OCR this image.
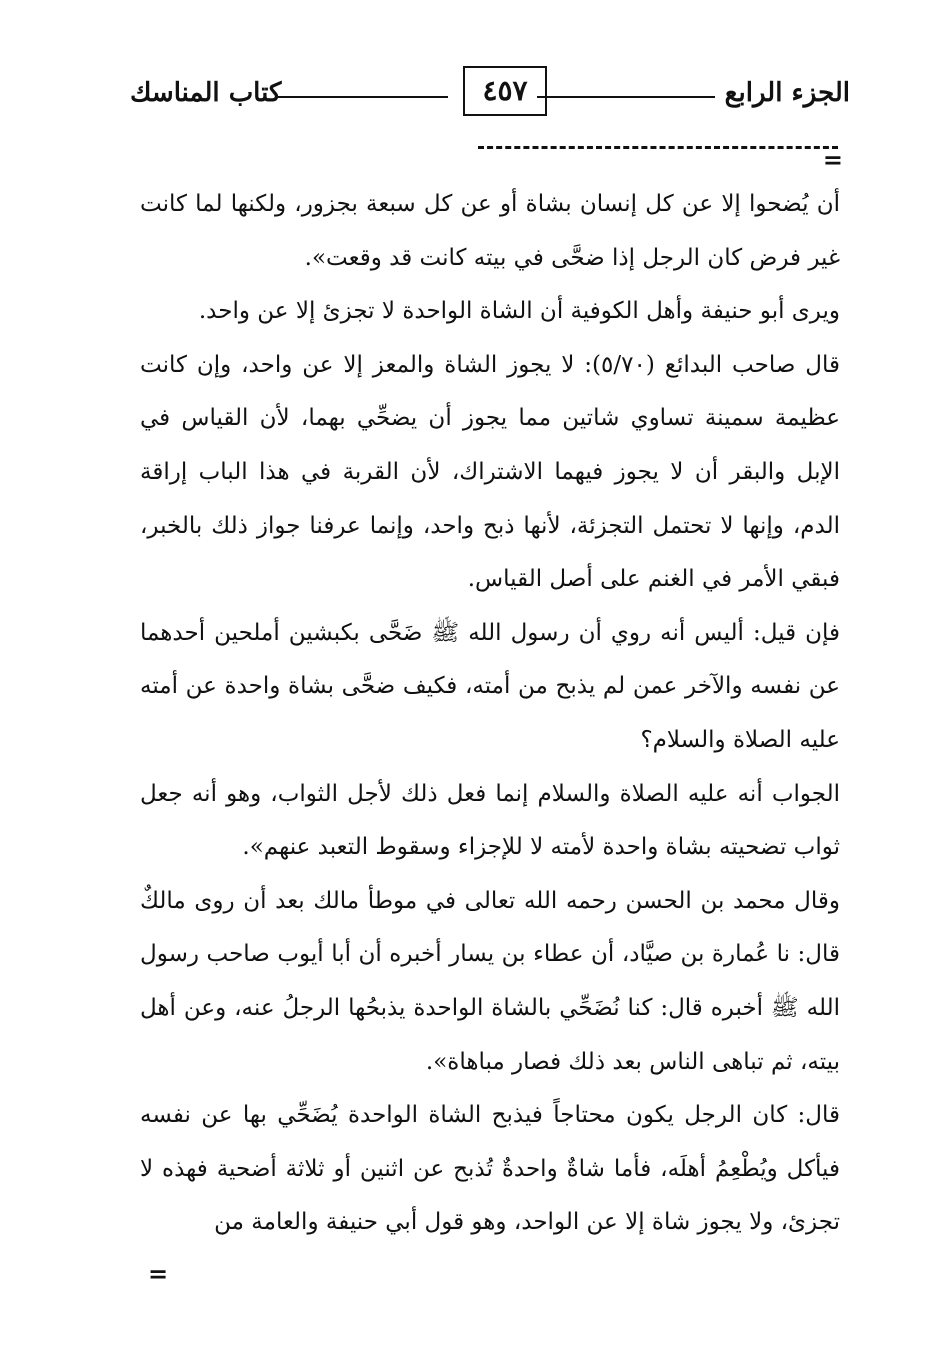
الجزء الرابع
٤٥٧
كتاب المناسك
=

أن يُضحوا إلا عن كل إنسان بشاة أو عن كل سبعة بجزور، ولكنها لما كانت غير فرض كان الرجل إذا ضحَّى في بيته كانت قد وقعت».

ويرى أبو حنيفة وأهل الكوفية أن الشاة الواحدة لا تجزئ إلا عن واحد.

قال صاحب البدائع (٥/٧٠): لا يجوز الشاة والمعز إلا عن واحد، وإن كانت عظيمة سمينة تساوي شاتين مما يجوز أن يضحِّي بهما، لأن القياس في الإبل والبقر أن لا يجوز فيهما الاشتراك، لأن القربة في هذا الباب إراقة الدم، وإنها لا تحتمل التجزئة، لأنها ذبح واحد، وإنما عرفنا جواز ذلك بالخبر، فبقي الأمر في الغنم على أصل القياس.

فإن قيل: أليس أنه روي أن رسول الله ﷺ ضَحَّى بكبشين أملحين أحدهما عن نفسه والآخر عمن لم يذبح من أمته، فكيف ضحَّى بشاة واحدة عن أمته عليه الصلاة والسلام؟

الجواب أنه عليه الصلاة والسلام إنما فعل ذلك لأجل الثواب، وهو أنه جعل ثواب تضحيته بشاة واحدة لأمته لا للإجزاء وسقوط التعبد عنهم».

وقال محمد بن الحسن رحمه الله تعالى في موطأ مالك بعد أن روى مالكٌ قال: نا عُمارة بن صيَّاد، أن عطاء بن يسار أخبره أن أبا أيوب صاحب رسول الله ﷺ أخبره قال: كنا نُضَحِّي بالشاة الواحدة يذبحُها الرجلُ عنه، وعن أهل بيته، ثم تباهى الناس بعد ذلك فصار مباهاة».

قال: كان الرجل يكون محتاجاً فيذبح الشاة الواحدة يُضَحِّي بها عن نفسه فيأكل ويُطْعِمُ أهلَه، فأما شاةٌ واحدةٌ تُذبح عن اثنين أو ثلاثة أضحية فهذه لا تجزئ، ولا يجوز شاة إلا عن الواحد، وهو قول أبي حنيفة والعامة من

=
